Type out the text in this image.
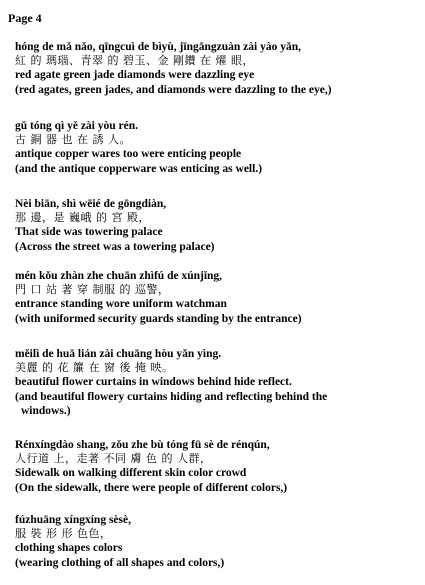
Page 4
hóng de mǎ nǎo, qīngcuì de bìyù, jīngāngzuàn zài yào yǎn,
紅 的 瑪瑙、青翠 的 碧玉、金 剛鑽 在 燿 眼，
red agate green jade diamonds were dazzling eye
(red agates, green jades, and diamonds were dazzling to the eye,)
gǔ tóng qì yě zài yòu rén.
古 銅 器 也 在 誘 人。
antique copper wares too were enticing people
(and the antique copperware was enticing as well.)
Nèi biān, shì wēié de gōngdiàn,
那 邊，是 巍峨 的 宮 殿，
That side was towering palace
(Across the street was a towering palace)
mén kǒu zhàn zhe chuān zhìfú de xúnjǐng,
門 口 站 著 穿 制服 的 巡警，
entrance standing wore uniform watchman
(with uniformed security guards standing by the entrance)
měilì de huā lián zài chuāng hòu yǎn yìng.
美麗 的 花 簾 在 窗 後 掩 映。
beautiful flower curtains in windows behind hide reflect.
(and beautiful flowery curtains hiding and reflecting behind the
windows.)
Rénxíngdào shang, zǒu zhe bù tóng fū sè de rénqún,
人行道 上，走著 不同 膚 色 的 人群，
Sidewalk on walking different skin color crowd
(On the sidewalk, there were people of different colors,)
fúzhuāng xíngxíng sèsè,
服 裝 形 形 色色，
clothing shapes colors
(wearing clothing of all shapes and colors,)
